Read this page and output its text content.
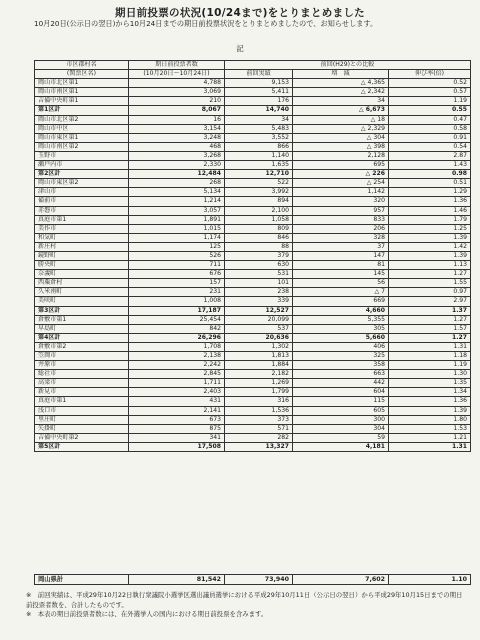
期日前投票の状況(10/24まで)をとりまとめました
10月20日(公示日の翌日)から10月24日までの期日前投票状況をとりまとめましたので、お知らせします。
記
市区郡村名	期日前投票者数	前回(H29)との比較		
(関票区名)	(10月20日～10月24日)	前回実績	増　減	伸び率(倍)
岡山市北区第1	4,788	9,153	△ 4,365	0.52
岡山市南区第1	3,069	5,411	△ 2,342	0.57
吉備中央町第1	210	176	34	1.19
第1区計	8,067	14,740	△ 6,673	0.55
岡山市北区第2	16	34	△ 18	0.47
岡山市中区	3,154	5,483	△ 2,329	0.58
岡山市東区第1	3,248	3,552	△ 304	0.91
岡山市南区第2	468	866	△ 398	0.54
玉野市	3,268	1,140	2,128	2.87
瀬戸内市	2,330	1,635	695	1.43
第2区計	12,484	12,710	△ 226	0.98
岡山市東区第2	268	522	△ 254	0.51
津山市	5,134	3,992	1,142	1.29
備前市	1,214	894	320	1.36
赤磐市	3,057	2,100	957	1.46
真庭市第1	1,891	1,058	833	1.79
美作市	1,015	809	206	1.25
和気町	1,174	846	328	1.39
新庄村	125	88	37	1.42
鏡野町	526	379	147	1.39
勝央町	711	630	81	1.13
奈義町	676	531	145	1.27
西粟倉村	157	101	56	1.55
久米南町	231	238	△ 7	0.97
美咲町	1,008	339	669	2.97
第3区計	17,187	12,527	4,660	1.37
倉敷市第1	25,454	20,099	5,355	1.27
早島町	842	537	305	1.57
第4区計	26,296	20,636	5,660	1.27
倉敷市第2	1,708	1,302	406	1.31
笠岡市	2,138	1,813	325	1.18
井原市	2,242	1,884	358	1.19
総社市	2,845	2,182	663	1.30
高梁市	1,711	1,269	442	1.35
新見市	2,403	1,799	604	1.34
真庭市第1	431	316	115	1.36
浅口市	2,141	1,536	605	1.39
里庄町	673	373	300	1.80
矢掛町	875	571	304	1.53
吉備中央町第2	341	282	59	1.21
第5区計	17,508	13,327	4,181	1.31
岡山県計	81,542	73,940	7,602	1.10

※　前回実績は、平成29年10月22日執行衆議院小選挙区選出議員選挙における平成29年10月11日（公示日の翌日）から平成29年10月15日までの期日前投票者数を、合計したものです。

※　本表の期日前投票者数には、在外選挙人の国内における期日前投票を含みます。
